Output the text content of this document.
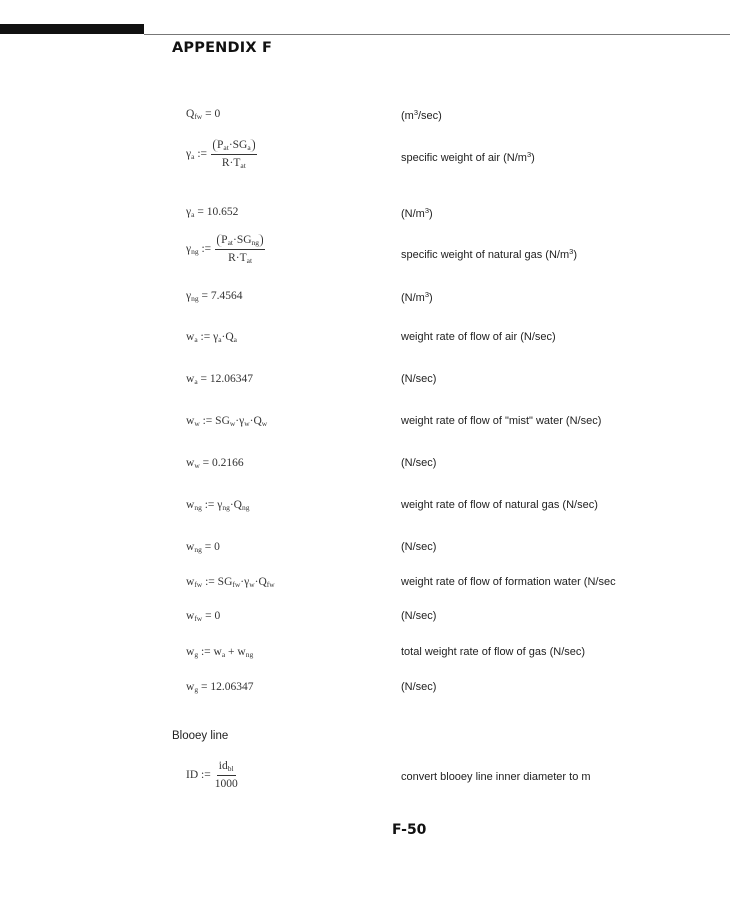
APPENDIX F
$Q_{fw} = 0$	$(m^3/\sec)$
$\gamma_a$ := $\frac{P_{at}\cdot SG_a}{R\cdot T_{at}}$	specific weight of air $(N/m^3)$
$\gamma_a = 10.652$	$(N/m^3)$
$\gamma_{ng}$ := $\frac{P_{at}\cdot SG_{ng}}{R\cdot T_{at}}$	specific weight of natural gas $(N/m^3)$
$\gamma_{ng} = 7.4564$	$(N/m^3)$
$w_a$ := $\gamma_a\cdot Q_a$	weight rate of flow of air (N/sec)
$w_a = 12.06347$	(N/sec)
$w_w$ := $SG_w\cdot\gamma_w\cdot Q_w$	weight rate of flow of "mist" water (N/sec)
$w_w = 0.2166$	(N/sec)
$w_{ng}$ := $\gamma_{ng}\cdot Q_{ng}$	weight rate of flow of natural gas (N/sec)
$w_{ng} = 0$	(N/sec)
$w_{fw}$ := $SG_{fw}\cdot\gamma_w\cdot Q_{fw}$	weight rate of flow of formation water (N/sec
$w_{fw} = 0$	(N/sec)
$w_g$ := $w_a + w_{ng}$	total weight rate of flow of gas (N/sec)
$w_g = 12.06347$	(N/sec)
Blooey line
ID := $\frac{id_{bl}}{1000}$	convert blooey line inner diameter to m
F-50
